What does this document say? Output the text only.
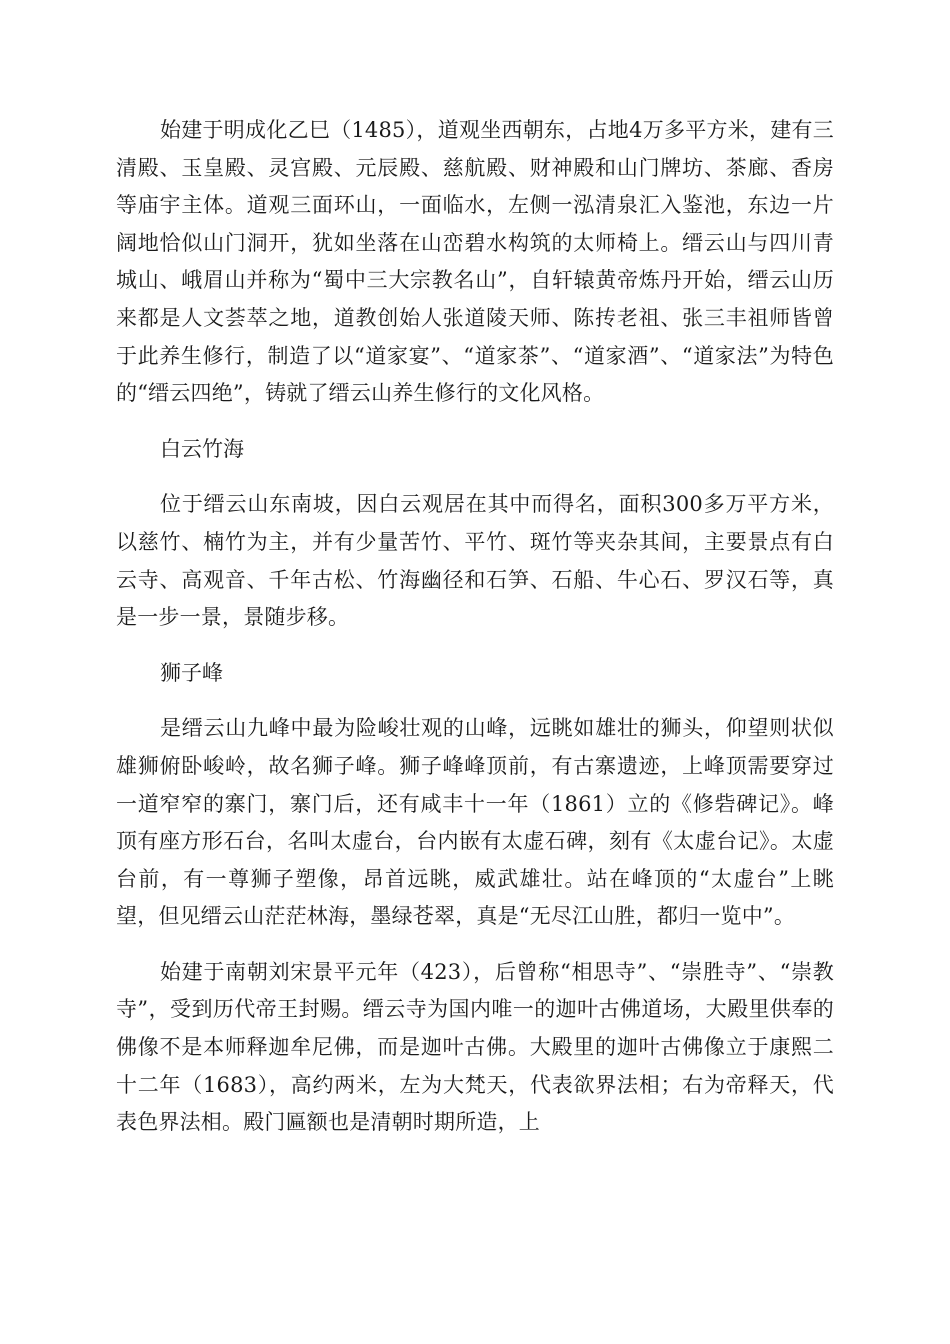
始建于明成化乙巳（1485），道观坐西朝东，占地4万多平方米，建有三清殿、玉皇殿、灵宫殿、元辰殿、慈航殿、财神殿和山门牌坊、茶廊、香房等庙宇主体。道观三面环山，一面临水，左侧一泓清泉汇入鉴池，东边一片阔地恰似山门洞开，犹如坐落在山峦碧水构筑的太师椅上。缙云山与四川青城山、峨眉山并称为“蜀中三大宗教名山”，自轩辕黄帝炼丹开始，缙云山历来都是人文荟萃之地，道教创始人张道陵天师、陈抟老祖、张三丰祖师皆曾于此养生修行，制造了以“道家宴”、“道家茶”、“道家酒”、“道家法”为特色的“缙云四绝”，铸就了缙云山养生修行的文化风格。

白云竹海

位于缙云山东南坡，因白云观居在其中而得名，面积300多万平方米，以慈竹、楠竹为主，并有少量苦竹、平竹、斑竹等夹杂其间，主要景点有白云寺、高观音、千年古松、竹海幽径和石笋、石船、牛心石、罗汉石等，真是一步一景，景随步移。

狮子峰

是缙云山九峰中最为险峻壮观的山峰，远眺如雄壮的狮头，仰望则状似雄狮俯卧峻岭，故名狮子峰。狮子峰峰顶前，有古寨遗迹，上峰顶需要穿过一道窄窄的寨门，寨门后，还有咸丰十一年（1861）立的《修砦碑记》。峰顶有座方形石台，名叫太虚台，台内嵌有太虚石碑，刻有《太虚台记》。太虚台前，有一尊狮子塑像，昂首远眺，威武雄壮。站在峰顶的“太虚台”上眺望，但见缙云山茫茫林海，墨绿苍翠，真是“无尽江山胜，都归一览中”。

始建于南朝刘宋景平元年（423），后曾称“相思寺”、“崇胜寺”、“崇教寺”，受到历代帝王封赐。缙云寺为国内唯一的迦叶古佛道场，大殿里供奉的佛像不是本师释迦牟尼佛，而是迦叶古佛。大殿里的迦叶古佛像立于康熙二十二年（1683），高约两米，左为大梵天，代表欲界法相；右为帝释天，代表色界法相。殿门匾额也是清朝时期所造，上
